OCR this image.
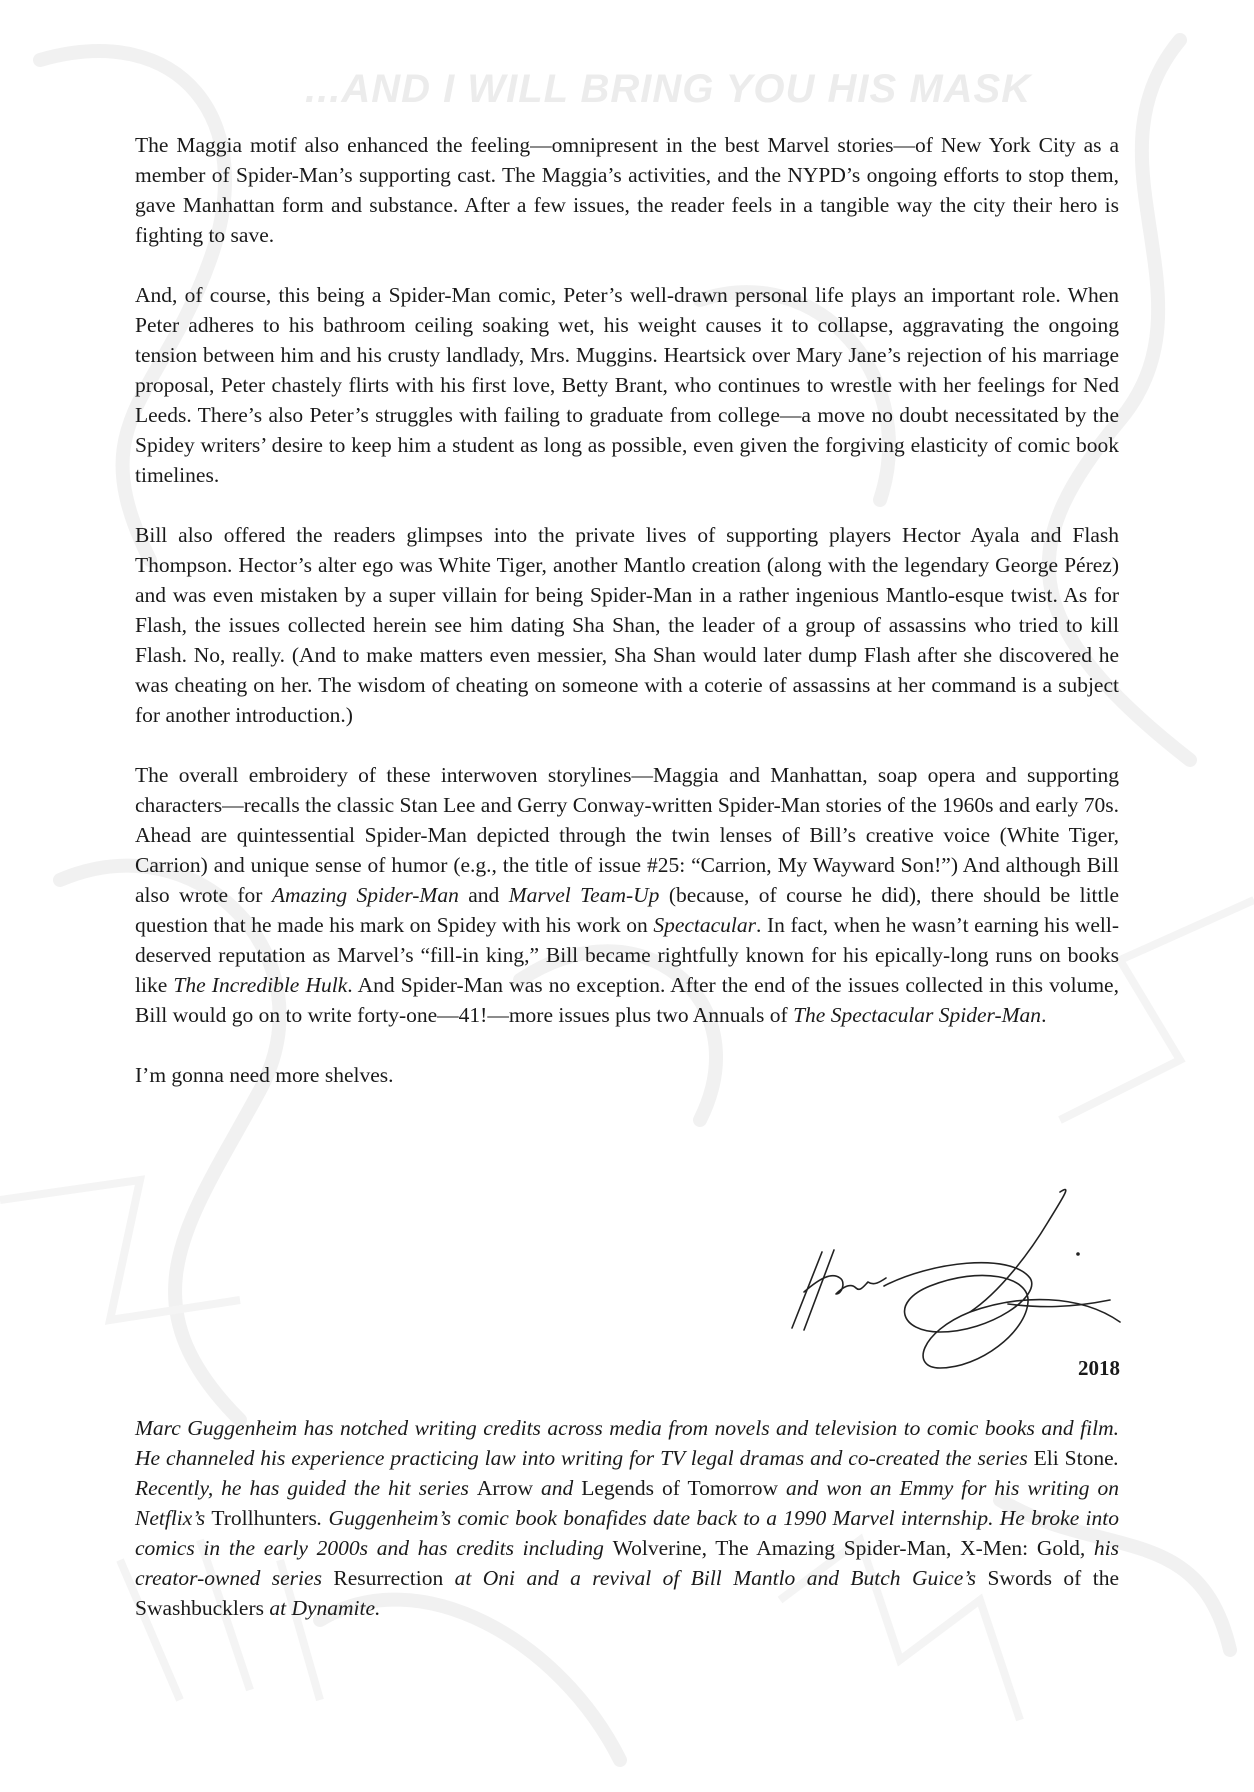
...AND I WILL BRING YOU HIS MASK

The Maggia motif also enhanced the feeling—omnipresent in the best Marvel stories—of New York City as a member of Spider-Man’s supporting cast. The Maggia’s activities, and the NYPD’s ongoing efforts to stop them, gave Manhattan form and substance. After a few issues, the reader feels in a tangible way the city their hero is fighting to save.

And, of course, this being a Spider-Man comic, Peter’s well-drawn personal life plays an important role. When Peter adheres to his bathroom ceiling soaking wet, his weight causes it to collapse, aggravating the ongoing tension between him and his crusty landlady, Mrs. Muggins. Heartsick over Mary Jane’s rejection of his marriage proposal, Peter chastely flirts with his first love, Betty Brant, who continues to wrestle with her feelings for Ned Leeds. There’s also Peter’s struggles with failing to graduate from college—a move no doubt necessitated by the Spidey writers’ desire to keep him a student as long as possible, even given the forgiving elasticity of comic book timelines.

Bill also offered the readers glimpses into the private lives of supporting players Hector Ayala and Flash Thompson. Hector’s alter ego was White Tiger, another Mantlo creation (along with the legendary George Pérez) and was even mistaken by a super villain for being Spider-Man in a rather ingenious Mantlo-esque twist. As for Flash, the issues collected herein see him dating Sha Shan, the leader of a group of assassins who tried to kill Flash. No, really. (And to make matters even messier, Sha Shan would later dump Flash after she discovered he was cheating on her. The wisdom of cheating on someone with a coterie of assassins at her command is a subject for another introduction.)

The overall embroidery of these interwoven storylines—Maggia and Manhattan, soap opera and supporting characters—recalls the classic Stan Lee and Gerry Conway-written Spider-Man stories of the 1960s and early 70s. Ahead are quintessential Spider-Man depicted through the twin lenses of Bill’s creative voice (White Tiger, Carrion) and unique sense of humor (e.g., the title of issue #25: “Carrion, My Wayward Son!”) And although Bill also wrote for Amazing Spider-Man and Marvel Team-Up (because, of course he did), there should be little question that he made his mark on Spidey with his work on Spectacular. In fact, when he wasn’t earning his well-deserved reputation as Marvel’s “fill-in king,” Bill became rightfully known for his epically-long runs on books like The Incredible Hulk. And Spider-Man was no exception. After the end of the issues collected in this volume, Bill would go on to write forty-one—41!—more issues plus two Annuals of The Spectacular Spider-Man.

I’m gonna need more shelves.

2018
Marc Guggenheim has notched writing credits across media from novels and television to comic books and film. He channeled his experience practicing law into writing for TV legal dramas and co-created the series Eli Stone. Recently, he has guided the hit series Arrow and Legends of Tomorrow and won an Emmy for his writing on Netflix’s Trollhunters. Guggenheim’s comic book bonafides date back to a 1990 Marvel internship. He broke into comics in the early 2000s and has credits including Wolverine, The Amazing Spider-Man, X-Men: Gold, his creator-owned series Resurrection at Oni and a revival of Bill Mantlo and Butch Guice’s Swords of the Swashbucklers at Dynamite.
